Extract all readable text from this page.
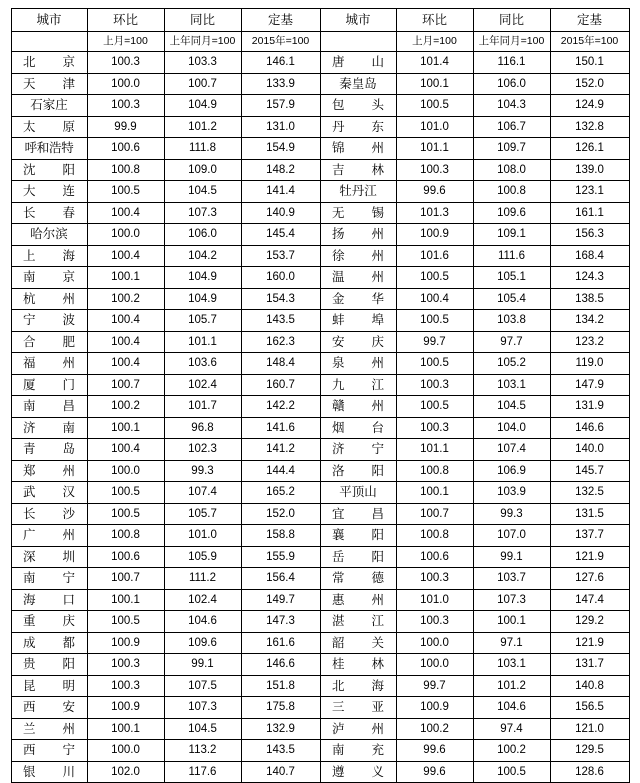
城市	环比	同比	定基	城市	环比	同比	定基
	上月=100	上年同月=100	2015年=100		上月=100	上年同月=100	2015年=100
北 京	100.3	103.3	146.1	唐 山	101.4	116.1	150.1
天 津	100.0	100.7	133.9	秦皇岛	100.1	106.0	152.0
石家庄	100.3	104.9	157.9	包 头	100.5	104.3	124.9
太 原	99.9	101.2	131.0	丹 东	101.0	106.7	132.8
呼和浩特	100.6	111.8	154.9	锦 州	101.1	109.7	126.1
沈 阳	100.8	109.0	148.2	吉 林	100.3	108.0	139.0
大 连	100.5	104.5	141.4	牡丹江	99.6	100.8	123.1
长 春	100.4	107.3	140.9	无 锡	101.3	109.6	161.1
哈尔滨	100.0	106.0	145.4	扬 州	100.9	109.1	156.3
上 海	100.4	104.2	153.7	徐 州	101.6	111.6	168.4
南 京	100.1	104.9	160.0	温 州	100.5	105.1	124.3
杭 州	100.2	104.9	154.3	金 华	100.4	105.4	138.5
宁 波	100.4	105.7	143.5	蚌 埠	100.5	103.8	134.2
合 肥	100.4	101.1	162.3	安 庆	99.7	97.7	123.2
福 州	100.4	103.6	148.4	泉 州	100.5	105.2	119.0
厦 门	100.7	102.4	160.7	九 江	100.3	103.1	147.9
南 昌	100.2	101.7	142.2	贛 州	100.5	104.5	131.9
济 南	100.1	96.8	141.6	烟 台	100.3	104.0	146.6
青 岛	100.4	102.3	141.2	济 宁	101.1	107.4	140.0
郑 州	100.0	99.3	144.4	洛 阳	100.8	106.9	145.7
武 汉	100.5	107.4	165.2	平顶山	100.1	103.9	132.5
长 沙	100.5	105.7	152.0	宜 昌	100.7	99.3	131.5
广 州	100.8	101.0	158.8	襄 阳	100.8	107.0	137.7
深 圳	100.6	105.9	155.9	岳 阳	100.6	99.1	121.9
南 宁	100.7	111.2	156.4	常 德	100.3	103.7	127.6
海 口	100.1	102.4	149.7	惠 州	101.0	107.3	147.4
重 庆	100.5	104.6	147.3	湛 江	100.3	100.1	129.2
成 都	100.9	109.6	161.6	韶 关	100.0	97.1	121.9
贵 阳	100.3	99.1	146.6	桂 林	100.0	103.1	131.7
昆 明	100.3	107.5	151.8	北 海	99.7	101.2	140.8
西 安	100.9	107.3	175.8	三 亚	100.9	104.6	156.5
兰 州	100.1	104.5	132.9	泸 州	100.2	97.4	121.0
西 宁	100.0	113.2	143.5	南 充	99.6	100.2	129.5
银 川	102.0	117.6	140.7	遵 义	99.6	100.5	128.6
